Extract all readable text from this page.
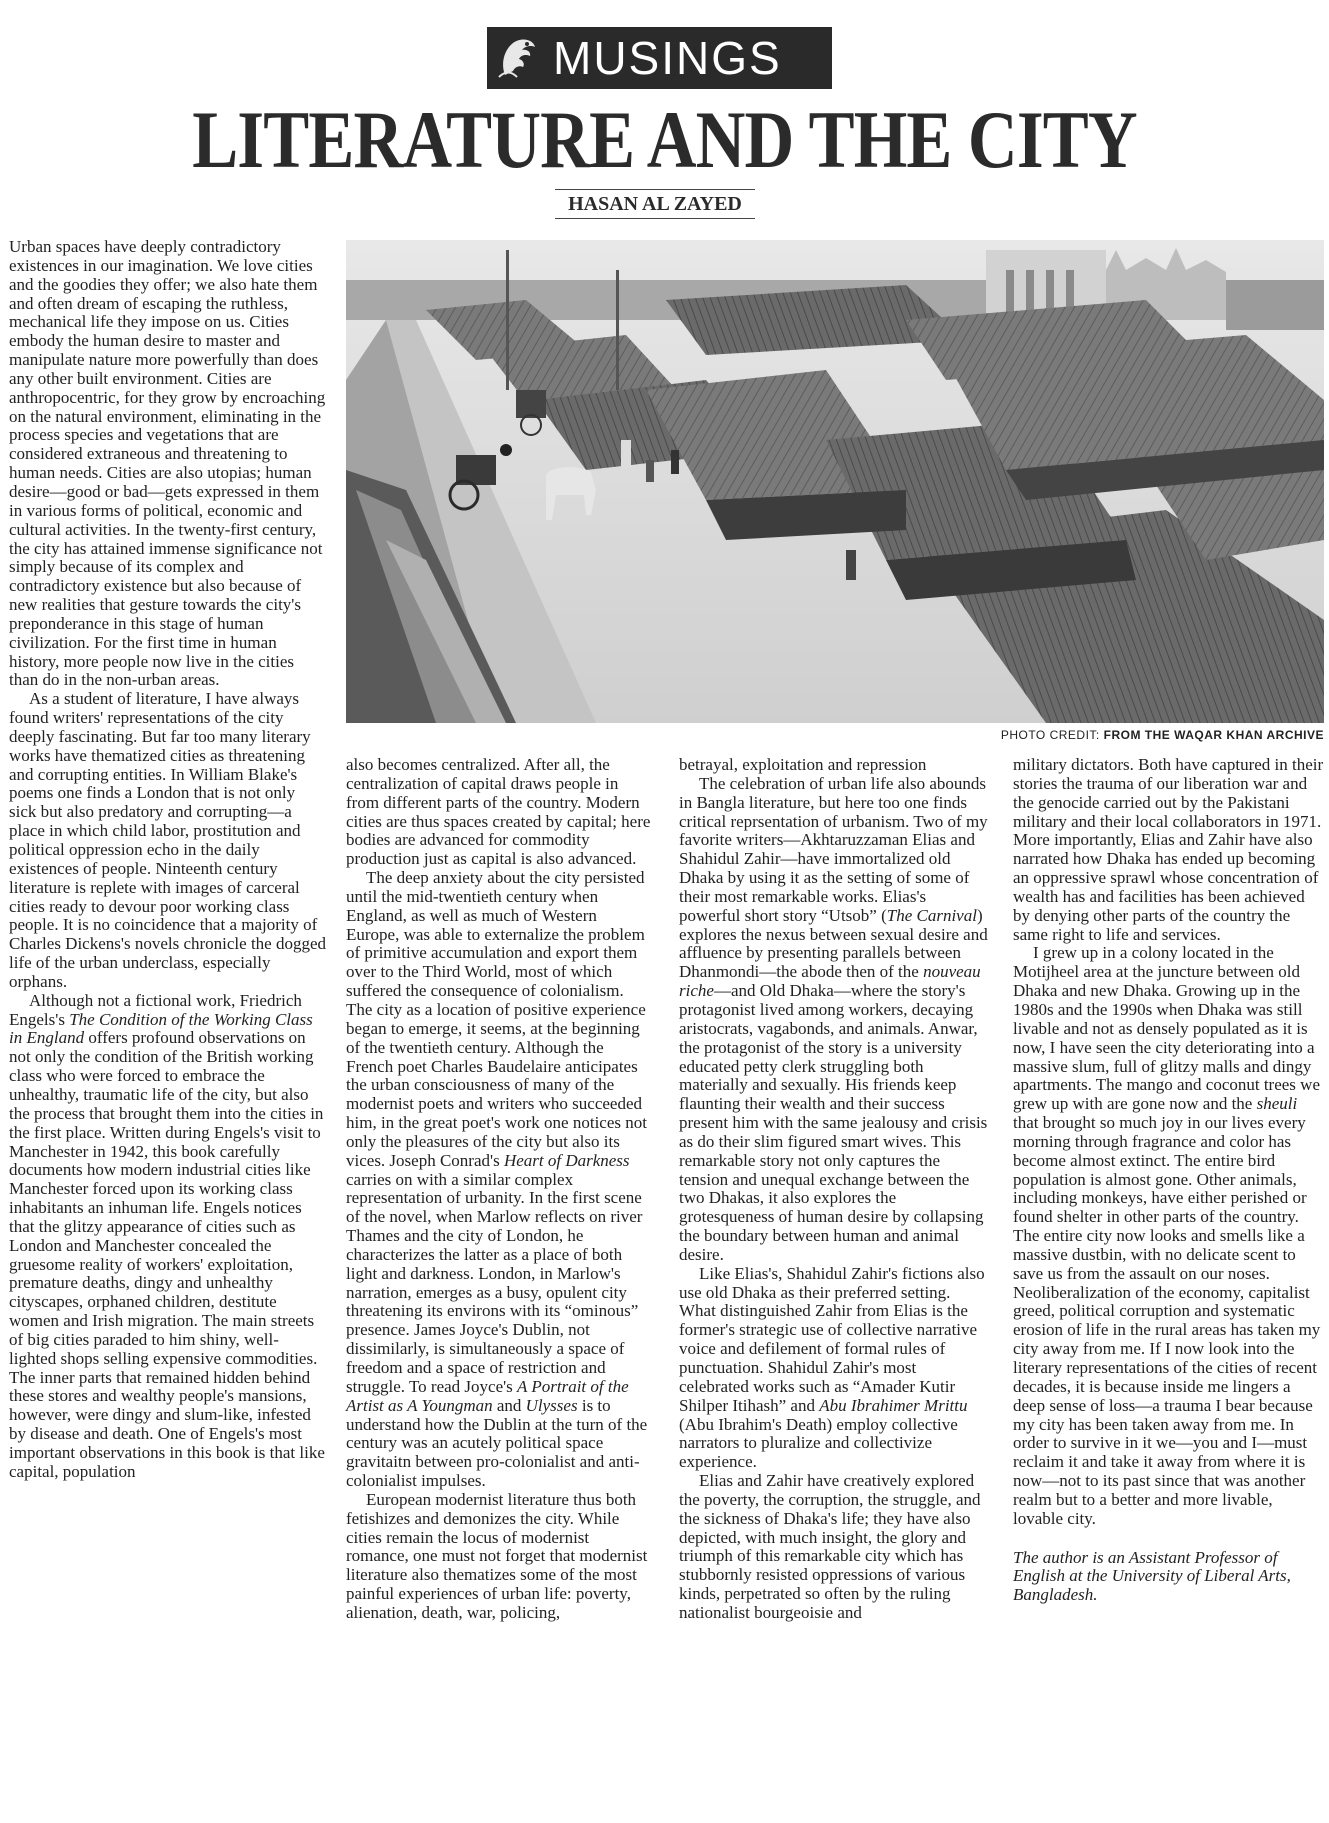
MUSINGS
LITERATURE AND THE CITY
HASAN AL ZAYED
PHOTO CREDIT: FROM THE WAQAR KHAN ARCHIVE

Urban spaces have deeply contradictory existences in our imagination. We love cities and the goodies they offer; we also hate them and often dream of escaping the ruthless, mechanical life they impose on us. Cities embody the human desire to master and manipulate nature more powerfully than does any other built environment. Cities are anthropocentric, for they grow by encroaching on the natural environment, eliminating in the process species and vegetations that are considered extraneous and threatening to human needs. Cities are also utopias; human desire—good or bad—gets expressed in them in various forms of political, economic and cultural activities. In the twenty-first century, the city has attained immense significance not simply because of its complex and contradictory existence but also because of new realities that gesture towards the city's preponderance in this stage of human civilization. For the first time in human history, more people now live in the cities than do in the non-urban areas.

As a student of literature, I have always found writers' representations of the city deeply fascinating. But far too many literary works have thematized cities as threatening and corrupting entities. In William Blake's poems one finds a London that is not only sick but also predatory and corrupting—a place in which child labor, prostitution and political oppression echo in the daily existences of people. Ninteenth century literature is replete with images of carceral cities ready to devour poor working class people. It is no coincidence that a majority of Charles Dickens's novels chronicle the dogged life of the urban underclass, especially orphans.

Although not a fictional work, Friedrich Engels's The Condition of the Working Class in England offers profound observations on not only the condition of the British working class who were forced to embrace the unhealthy, traumatic life of the city, but also the process that brought them into the cities in the first place. Written during Engels's visit to Manchester in 1942, this book carefully documents how modern industrial cities like Manchester forced upon its working class inhabitants an inhuman life. Engels notices that the glitzy appearance of cities such as London and Manchester concealed the gruesome reality of workers' exploitation, premature deaths, dingy and unhealthy cityscapes, orphaned children, destitute women and Irish migration. The main streets of big cities paraded to him shiny, well-lighted shops selling expensive commodities. The inner parts that remained hidden behind these stores and wealthy people's mansions, however, were dingy and slum-like, infested by disease and death. One of Engels's most important observations in this book is that like capital, population

also becomes centralized. After all, the centralization of capital draws people in from different parts of the country. Modern cities are thus spaces created by capital; here bodies are advanced for commodity production just as capital is also advanced.

The deep anxiety about the city persisted until the mid-twentieth century when England, as well as much of Western Europe, was able to externalize the problem of primitive accumulation and export them over to the Third World, most of which suffered the consequence of colonialism. The city as a location of positive experience began to emerge, it seems, at the beginning of the twentieth century. Although the French poet Charles Baudelaire anticipates the urban consciousness of many of the modernist poets and writers who succeeded him, in the great poet's work one notices not only the pleasures of the city but also its vices. Joseph Conrad's Heart of Darkness carries on with a similar complex representation of urbanity. In the first scene of the novel, when Marlow reflects on river Thames and the city of London, he characterizes the latter as a place of both light and darkness. London, in Marlow's narration, emerges as a busy, opulent city threatening its environs with its “ominous” presence. James Joyce's Dublin, not dissimilarly, is simultaneously a space of freedom and a space of restriction and struggle. To read Joyce's A Portrait of the Artist as A Youngman and Ulysses is to understand how the Dublin at the turn of the century was an acutely political space gravitaitn between pro-colonialist and anti-colonialist impulses.

European modernist literature thus both fetishizes and demonizes the city. While cities remain the locus of modernist romance, one must not forget that modernist literature also thematizes some of the most painful experiences of urban life: poverty, alienation, death, war, policing,

betrayal, exploitation and repression

The celebration of urban life also abounds in Bangla literature, but here too one finds critical reprsentation of urbanism. Two of my favorite writers—Akhtaruzzaman Elias and Shahidul Zahir—have immortalized old Dhaka by using it as the setting of some of their most remarkable works. Elias's powerful short story “Utsob” (The Carnival) explores the nexus between sexual desire and affluence by presenting parallels between Dhanmondi—the abode then of the nouveau riche—and Old Dhaka—where the story's protagonist lived among workers, decaying aristocrats, vagabonds, and animals. Anwar, the protagonist of the story is a university educated petty clerk struggling both materially and sexually. His friends keep flaunting their wealth and their success present him with the same jealousy and crisis as do their slim figured smart wives. This remarkable story not only captures the tension and unequal exchange between the two Dhakas, it also explores the grotesqueness of human desire by collapsing the boundary between human and animal desire.

Like Elias's, Shahidul Zahir's fictions also use old Dhaka as their preferred setting. What distinguished Zahir from Elias is the former's strategic use of collective narrative voice and defilement of formal rules of punctuation. Shahidul Zahir's most celebrated works such as “Amader Kutir Shilper Itihash” and Abu Ibrahimer Mrittu (Abu Ibrahim's Death) employ collective narrators to pluralize and collectivize experience.

Elias and Zahir have creatively explored the poverty, the corruption, the struggle, and the sickness of Dhaka's life; they have also depicted, with much insight, the glory and triumph of this remarkable city which has stubbornly resisted oppressions of various kinds, perpetrated so often by the ruling nationalist bourgeoisie and

military dictators. Both have captured in their stories the trauma of our liberation war and the genocide carried out by the Pakistani military and their local collaborators in 1971. More importantly, Elias and Zahir have also narrated how Dhaka has ended up becoming an oppressive sprawl whose concentration of wealth has and facilities has been achieved by denying other parts of the country the same right to life and services.

I grew up in a colony located in the Motijheel area at the juncture between old Dhaka and new Dhaka. Growing up in the 1980s and the 1990s when Dhaka was still livable and not as densely populated as it is now, I have seen the city deteriorating into a massive slum, full of glitzy malls and dingy apartments. The mango and coconut trees we grew up with are gone now and the sheuli that brought so much joy in our lives every morning through fragrance and color has become almost extinct. The entire bird population is almost gone. Other animals, including monkeys, have either perished or found shelter in other parts of the country. The entire city now looks and smells like a massive dustbin, with no delicate scent to save us from the assault on our noses. Neoliberalization of the economy, capitalist greed, political corruption and systematic erosion of life in the rural areas has taken my city away from me. If I now look into the literary representations of the cities of recent decades, it is because inside me lingers a deep sense of loss—a trauma I bear because my city has been taken away from me. In order to survive in it we—you and I—must reclaim it and take it away from where it is now—not to its past since that was another realm but to a better and more livable, lovable city.

The author is an Assistant Professor of English at the University of Liberal Arts, Bangladesh.
